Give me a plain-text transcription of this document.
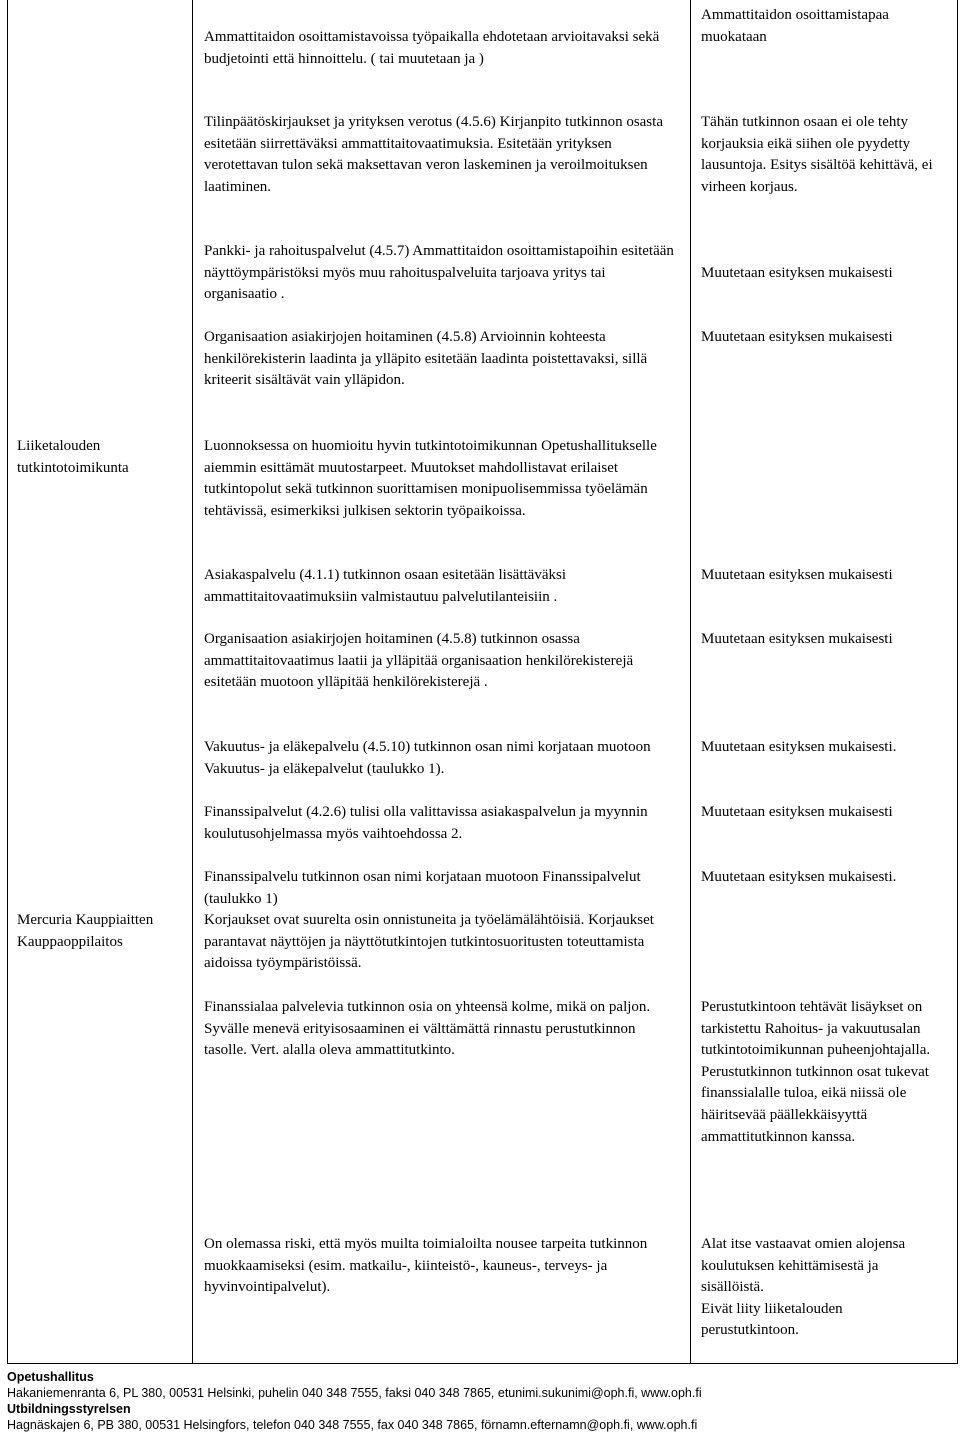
Ammattitaidon osoittamistavoissa työpaikalla ehdotetaan arvioitavaksi sekä budjetointi että hinnoittelu. ( tai muutetaan ja )

Ammattitaidon osoittamistapaa muokataan

Tilinpäätöskirjaukset ja yrityksen verotus (4.5.6) Kirjanpito tutkinnon osasta esitetään siirrettäväksi ammattitaitovaatimuksia. Esitetään yrityksen verotettavan tulon sekä maksettavan veron laskeminen ja veroilmoituksen laatiminen.

Tähän tutkinnon osaan ei ole tehty korjauksia eikä siihen ole pyydetty lausuntoja. Esitys sisältöä kehittävä, ei virheen korjaus.

Pankki- ja rahoituspalvelut (4.5.7) Ammattitaidon osoittamistapoihin esitetään näyttöympäristöksi myös muu rahoituspalveluita tarjoava yritys tai organisaatio .

Muutetaan esityksen mukaisesti

Organisaation asiakirjojen hoitaminen (4.5.8) Arvioinnin kohteesta henkilörekisterin laadinta ja ylläpito esitetään laadinta poistettavaksi, sillä kriteerit sisältävät vain ylläpidon.

Muutetaan esityksen mukaisesti

Liiketalouden tutkintotoimikunta

Luonnoksessa on huomioitu hyvin tutkintotoimikunnan Opetushallitukselle aiemmin esittämät muutostarpeet. Muutokset mahdollistavat erilaiset tutkintopolut sekä tutkinnon suorittamisen monipuolisemmissa työelämän tehtävissä, esimerkiksi julkisen sektorin työpaikoissa.

Asiakaspalvelu (4.1.1) tutkinnon osaan esitetään lisättäväksi ammattitaitovaatimuksiin valmistautuu palvelutilanteisiin .

Muutetaan esityksen mukaisesti

Organisaation asiakirjojen hoitaminen (4.5.8) tutkinnon osassa ammattitaitovaatimus laatii ja ylläpitää organisaation henkilörekisterejä esitetään muotoon ylläpitää henkilörekisterejä .

Muutetaan esityksen mukaisesti

Vakuutus- ja eläkepalvelu (4.5.10) tutkinnon osan nimi korjataan muotoon Vakuutus- ja eläkepalvelut (taulukko 1).

Muutetaan esityksen mukaisesti.

Finanssipalvelut (4.2.6) tulisi olla valittavissa asiakaspalvelun ja myynnin koulutusohjelmassa myös vaihtoehdossa 2.

Muutetaan esityksen mukaisesti

Mercuria Kauppiaitten Kauppaoppilaitos

Finanssipalvelu tutkinnon osan nimi korjataan muotoon Finanssipalvelut (taulukko 1)

Korjaukset ovat suurelta osin onnistuneita ja työelämälähtöisiä. Korjaukset parantavat näyttöjen ja näyttötutkintojen tutkintosuoritusten toteuttamista aidoissa työympäristöissä.

Muutetaan esityksen mukaisesti.

Finanssialaa palvelevia tutkinnon osia on yhteensä kolme, mikä on paljon. Syvälle menevä erityisosaaminen ei välttämättä rinnastu perustutkinnon tasolle. Vert. alalla oleva ammattitutkinto.

Perustutkintoon tehtävät lisäykset on tarkistettu Rahoitus- ja vakuutusalan tutkintotoimikunnan puheenjohtajalla.

Perustutkinnon tutkinnon osat tukevat finanssialalle tuloa, eikä niissä ole häiritsevää päällekkäisyyttä ammattitutkinnon kanssa.

On olemassa riski, että myös muilta toimialoilta nousee tarpeita tutkinnon muokkaamiseksi (esim. matkailu-, kiinteistö-, kauneus-, terveys- ja hyvinvointipalvelut).

Alat itse vastaavat omien alojensa koulutuksen kehittämisestä ja sisällöistä.

Eivät liity liiketalouden perustutkintoon.

Opetushallitus
Hakaniemenranta 6, PL 380, 00531 Helsinki, puhelin 040 348 7555, faksi 040 348 7865, etunimi.sukunimi@oph.fi, www.oph.fi
Utbildningsstyrelsen
Hagnäskajen 6, PB 380, 00531 Helsingfors, telefon 040 348 7555, fax 040 348 7865, förnamn.efternamn@oph.fi, www.oph.fi
